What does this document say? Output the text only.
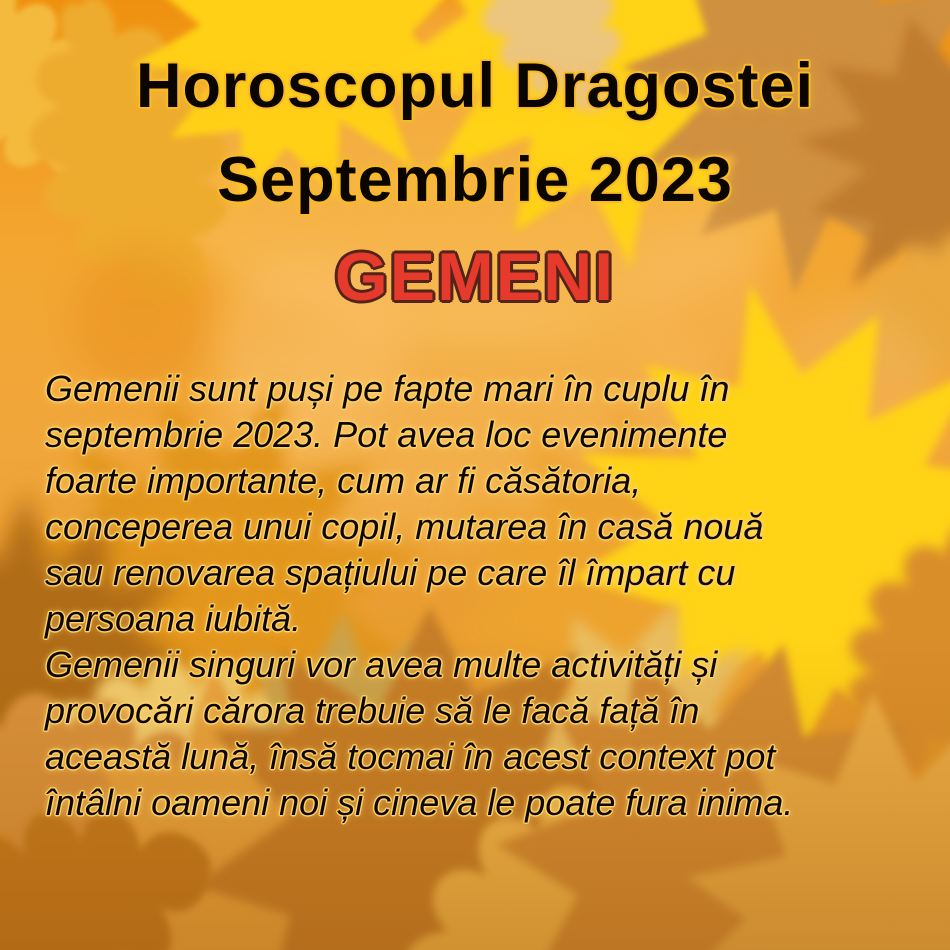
Horoscopul Dragostei
Septembrie 2023
GEMENI
Gemenii sunt puși pe fapte mari în cuplu în
septembrie 2023. Pot avea loc evenimente
foarte importante, cum ar fi căsătoria,
conceperea unui copil, mutarea în casă nouă
sau renovarea spațiului pe care îl împart cu
persoana iubită.
Gemenii singuri vor avea multe activități și
provocări cărora trebuie să le facă față în
această lună, însă tocmai în acest context pot
întâlni oameni noi și cineva le poate fura inima.
